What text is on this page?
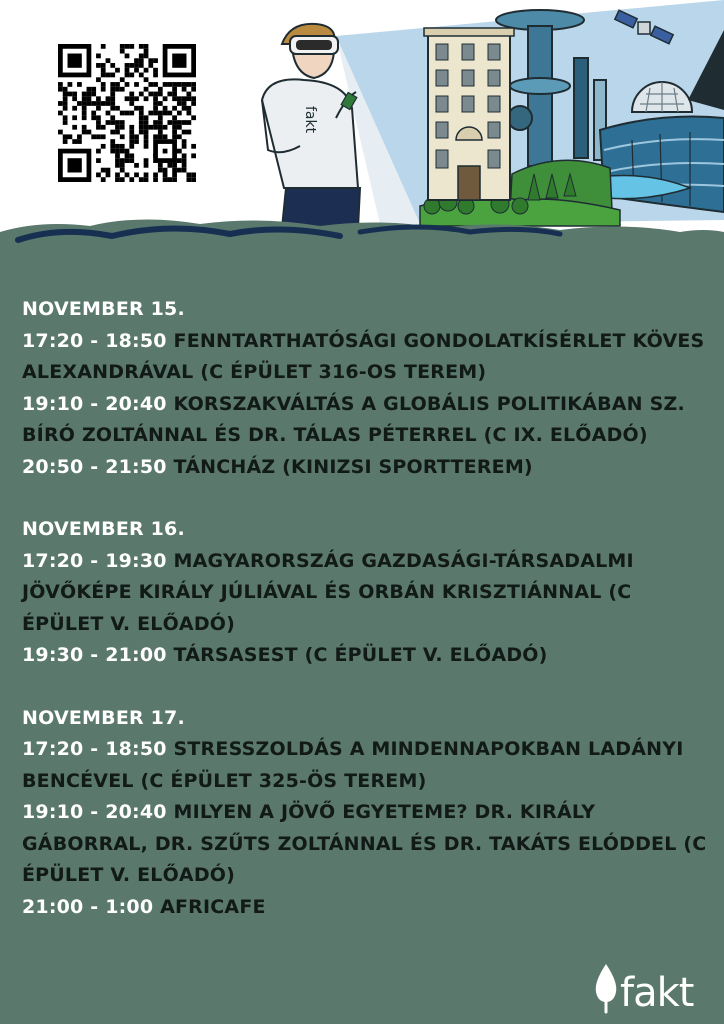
fakt
NOVEMBER 15.
17:20 - 18:50 FENNTARTHATÓSÁGI GONDOLATKÍSÉRLET KÖVES ALEXANDRÁVAL (C ÉPÜLET 316-OS TEREM)
19:10 - 20:40 KORSZAKVÁLTÁS A GLOBÁLIS POLITIKÁBAN SZ. BÍRÓ ZOLTÁNNAL ÉS DR. TÁLAS PÉTERREL (C IX. ELŐADÓ)
20:50 - 21:50 TÁNCHÁZ (KINIZSI SPORTTEREM)
NOVEMBER 16.
17:20 - 19:30 MAGYARORSZÁG GAZDASÁGI-TÁRSADALMI JÖVŐKÉPE KIRÁLY JÚLIÁVAL ÉS ORBÁN KRISZTIÁNNAL (C ÉPÜLET V. ELŐADÓ)
19:30 - 21:00 TÁRSASEST (C ÉPÜLET V. ELŐADÓ)
NOVEMBER 17.
17:20 - 18:50 STRESSZOLDÁS A MINDENNAPOKBAN LADÁNYI BENCÉVEL (C ÉPÜLET 325-ÖS TEREM)
19:10 - 20:40 MILYEN A JÖVŐ EGYETEME? DR. KIRÁLY GÁBORRAL, DR. SZŰTS ZOLTÁNNAL ÉS DR. TAKÁTS ELÓDDEL (C ÉPÜLET V. ELŐADÓ)
21:00 - 1:00 AFRICAFE
fakt
